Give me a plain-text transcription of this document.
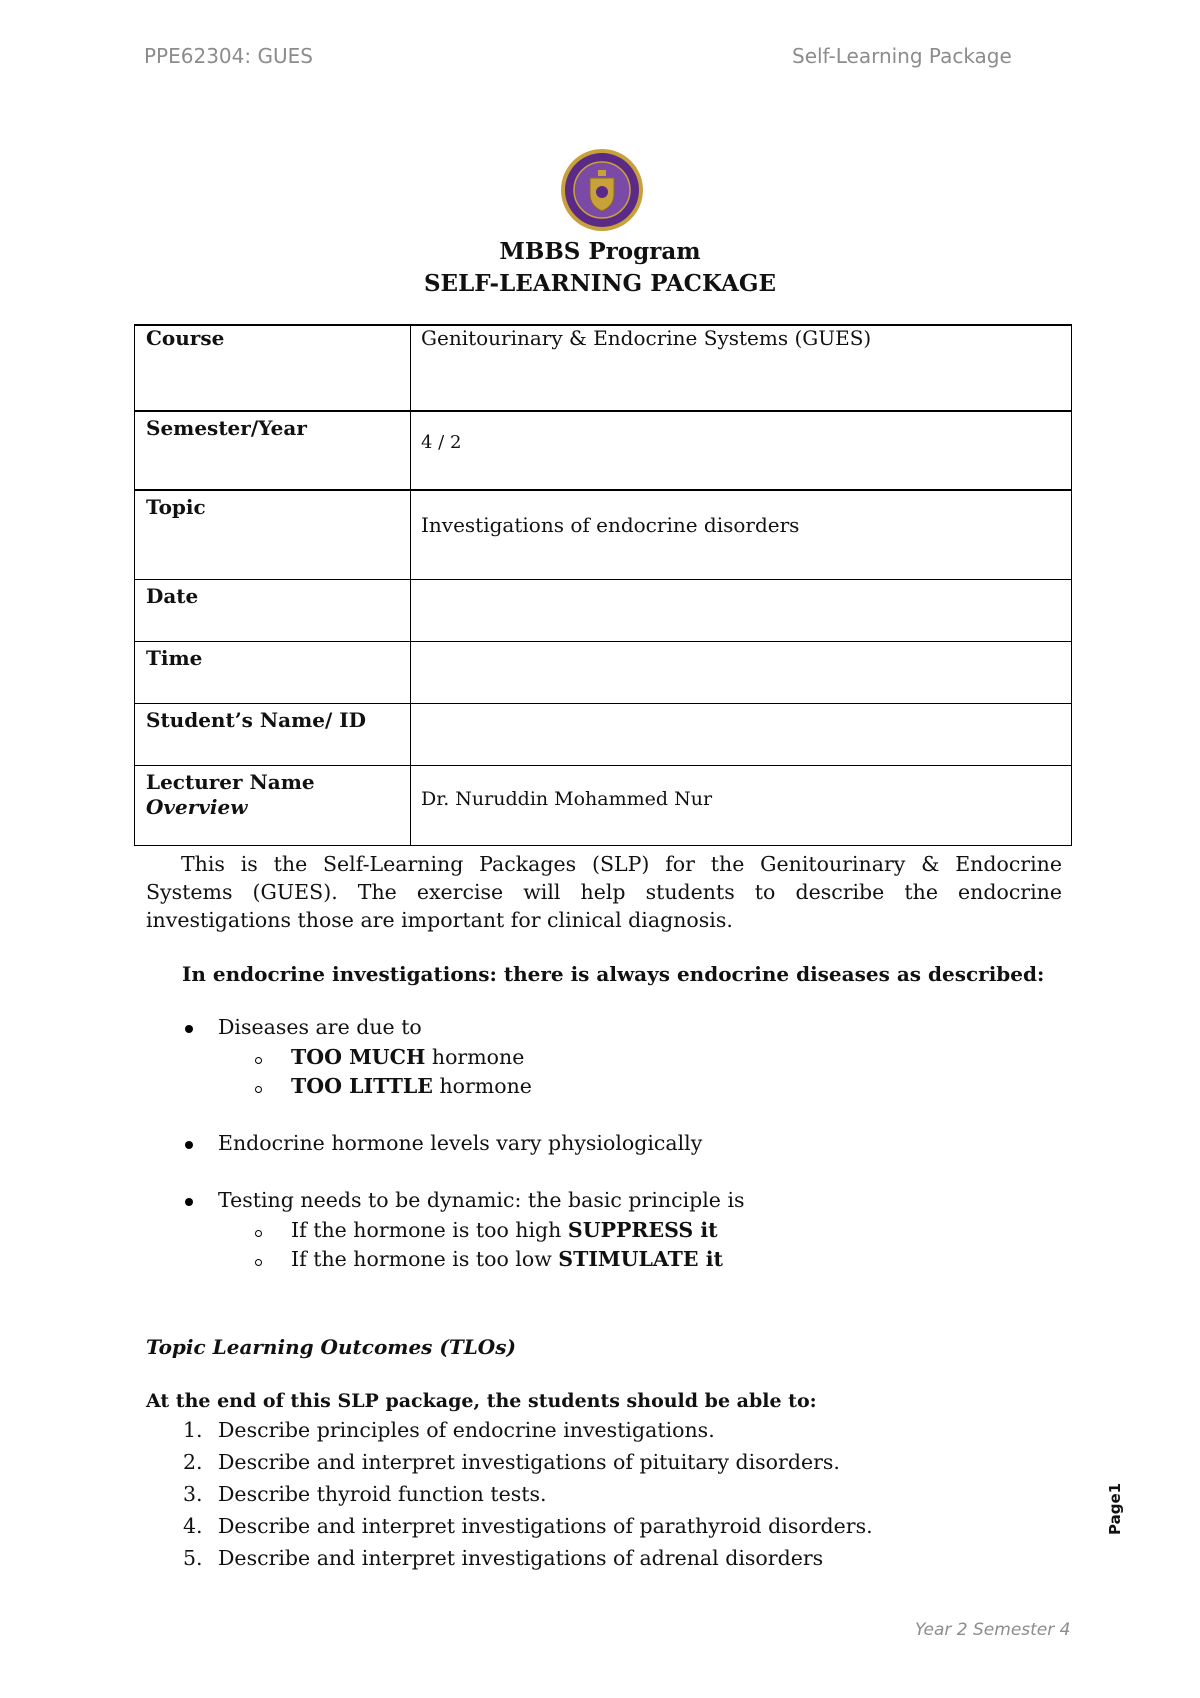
PPE62304: GUES	Self-Learning Package
MBBS Program
SELF-LEARNING PACKAGE
Course	Genitourinary & Endocrine Systems (GUES)
Semester/Year	4 / 2
Topic	Investigations of endocrine disorders
Date	
Time	
Student’s Name/ ID	
Lecturer Name	Dr. Nuruddin Mohammed Nur
Overview
This is the Self-Learning Packages (SLP) for the Genitourinary & Endocrine Systems (GUES). The exercise will help students to describe the endocrine investigations those are important for clinical diagnosis.
In endocrine investigations: there is always endocrine diseases as described:
Diseases are due to
TOO MUCH hormone
TOO LITTLE hormone
Endocrine hormone levels vary physiologically
Testing needs to be dynamic: the basic principle is
If the hormone is too high SUPPRESS it
If the hormone is too low STIMULATE it
Topic Learning Outcomes (TLOs)
At the end of this SLP package, the students should be able to:
1. Describe principles of endocrine investigations.
2. Describe and interpret investigations of pituitary disorders.
3. Describe thyroid function tests.
4. Describe and interpret investigations of parathyroid disorders.
5. Describe and interpret investigations of adrenal disorders
Page1
Year 2 Semester 4
